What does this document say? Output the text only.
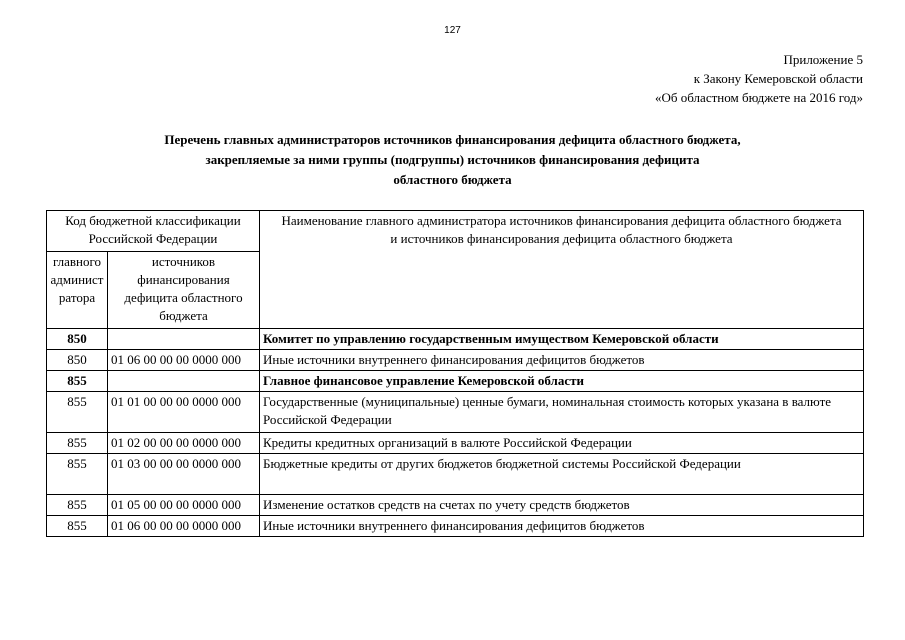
127
Приложение 5
к Закону Кемеровской области
«Об областном бюджете на 2016 год»
Перечень главных администраторов источников финансирования дефицита областного бюджета,
закрепляемые за ними группы (подгруппы) источников финансирования дефицита
областного бюджета
Код бюджетной классификации Российской Федерации		Наименование главного администратора источников финансирования дефицита областного бюджета и источников финансирования дефицита областного бюджета
главного
админист
ратора	источников финансирования дефицита областного бюджета	
850		Комитет по управлению государственным имуществом Кемеровской области
850	01 06 00 00 00 0000 000	Иные источники внутреннего финансирования дефицитов бюджетов
855		Главное финансовое управление Кемеровской области
855	01 01 00 00 00 0000 000	Государственные (муниципальные) ценные бумаги, номинальная стоимость которых указана в валюте Российской Федерации
855	01 02 00 00 00 0000 000	Кредиты кредитных организаций в валюте Российской Федерации
855	01 03 00 00 00 0000 000	Бюджетные кредиты от других бюджетов бюджетной системы Российской Федерации
855	01 05 00 00 00 0000 000	Изменение остатков средств на счетах по учету средств бюджетов
855	01 06 00 00 00 0000 000	Иные источники внутреннего финансирования дефицитов бюджетов
